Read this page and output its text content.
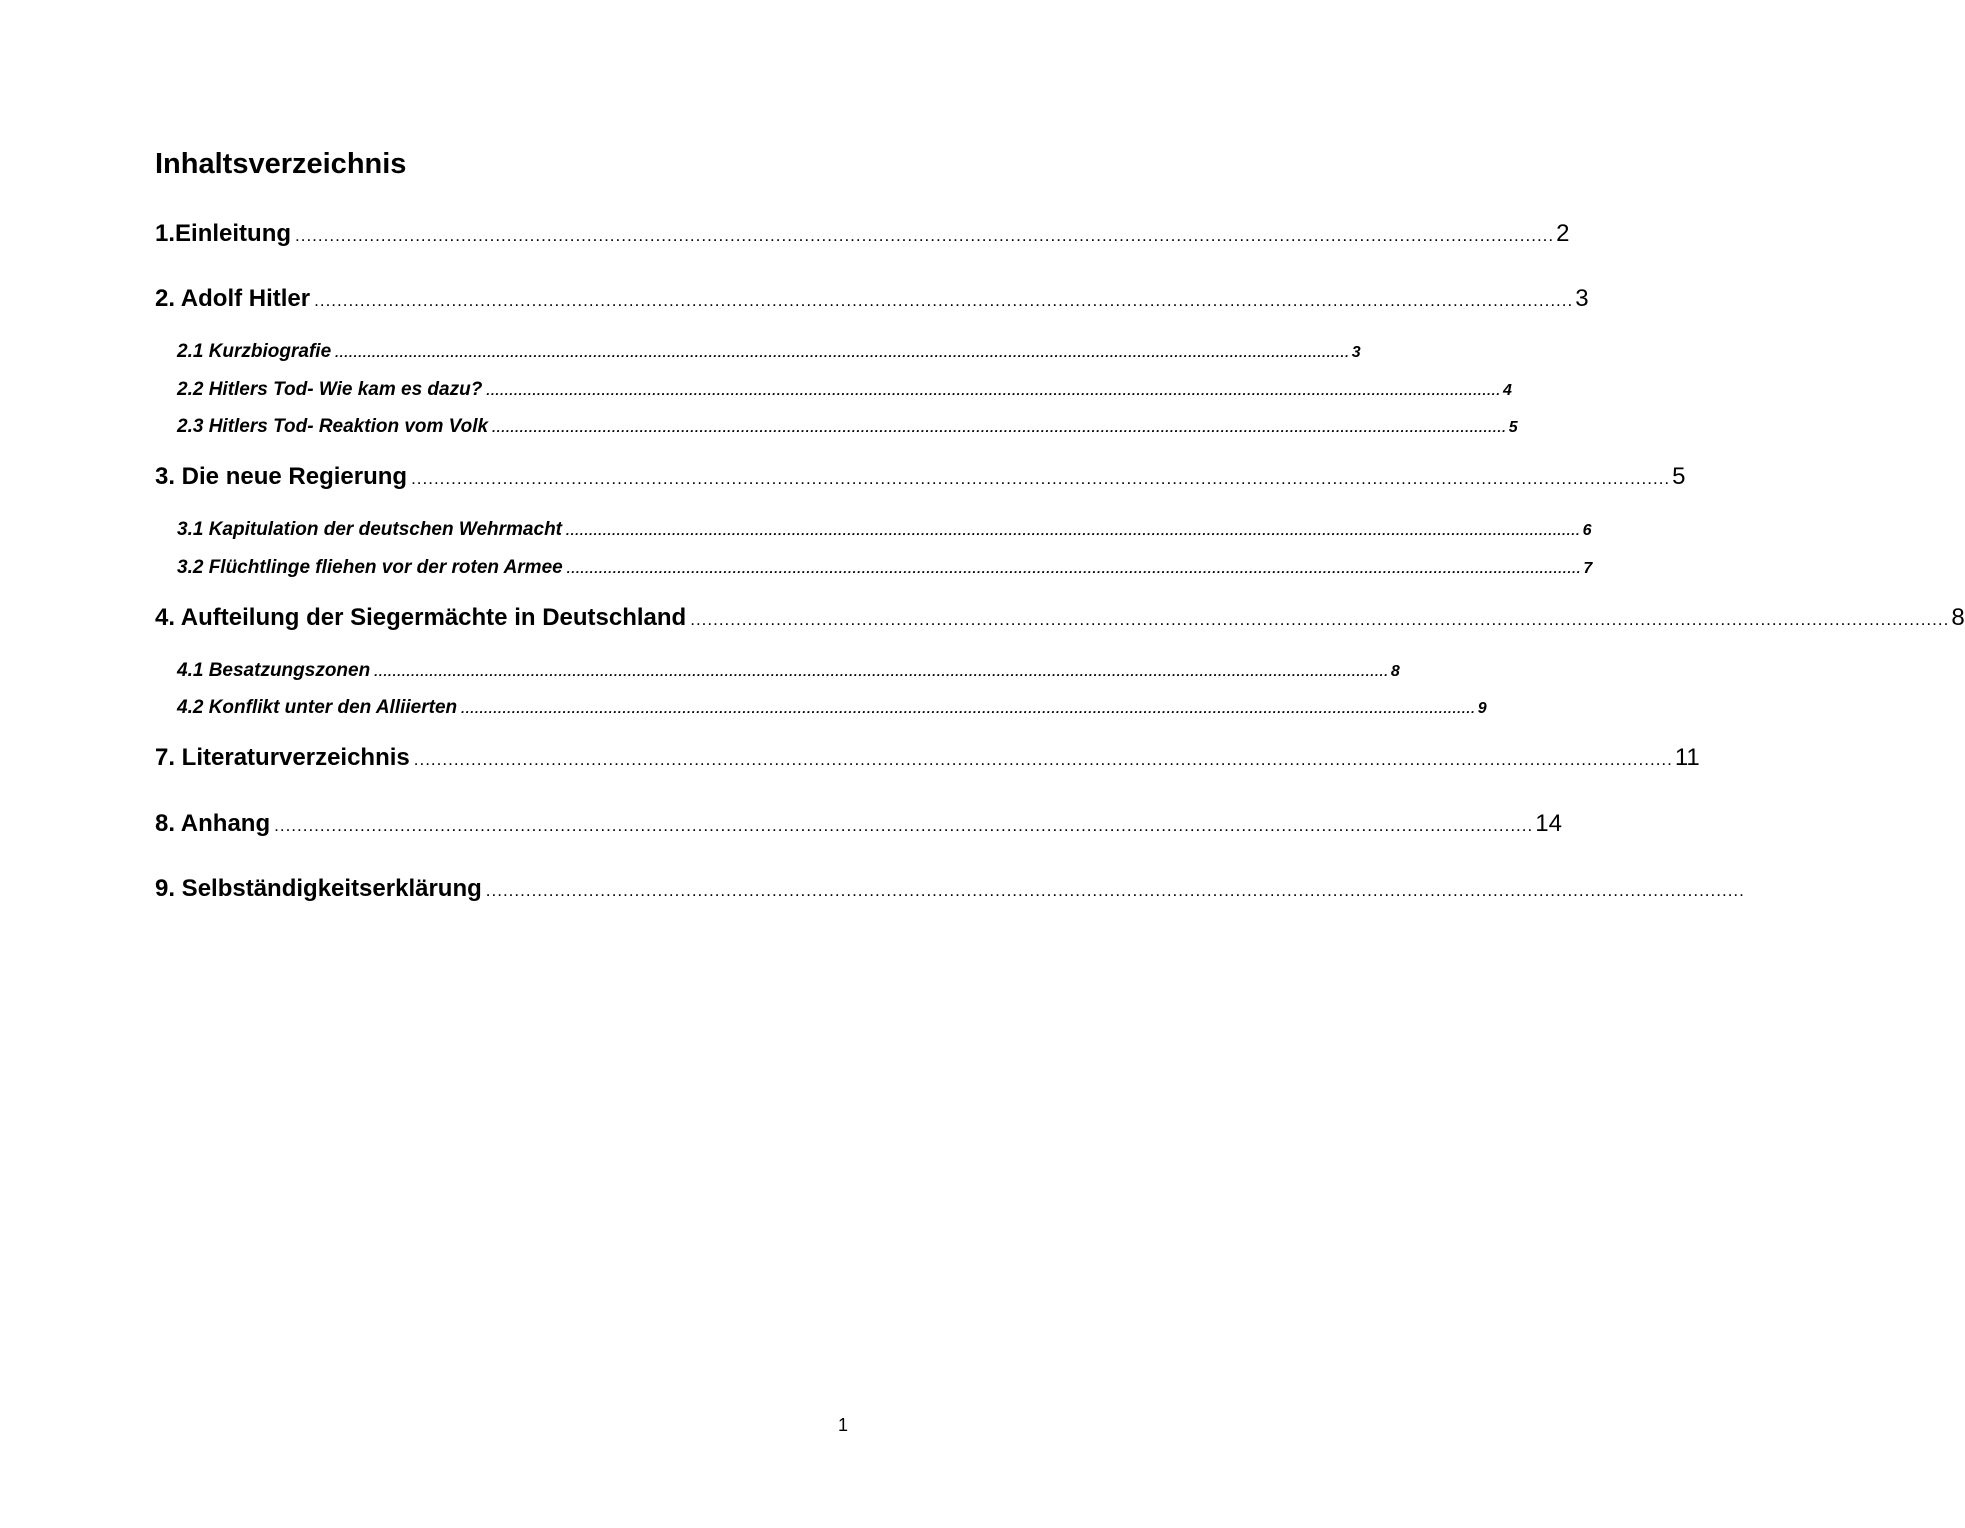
Inhaltsverzeichnis
1.Einleitung ............................................................................................................................................................................................................................ 2
2. Adolf Hitler ............................................................................................................................................................................................................................ 3
2.1 Kurzbiografie ............................................................................................................................................................................................................................ 3
2.2 Hitlers Tod- Wie kam es dazu? ............................................................................................................................................................................................................................ 4
2.3 Hitlers Tod- Reaktion vom Volk ............................................................................................................................................................................................................................ 5
3. Die neue Regierung ............................................................................................................................................................................................................................ 5
3.1 Kapitulation der deutschen Wehrmacht ............................................................................................................................................................................................................................ 6
3.2 Flüchtlinge fliehen vor der roten Armee ............................................................................................................................................................................................................................ 7
4. Aufteilung der Siegermächte in Deutschland ............................................................................................................................................................................................................................ 8
4.1 Besatzungszonen ............................................................................................................................................................................................................................ 8
4.2 Konflikt unter den Alliierten ............................................................................................................................................................................................................................ 9
7. Literaturverzeichnis ............................................................................................................................................................................................................................ 11
8. Anhang ............................................................................................................................................................................................................................ 14
9. Selbständigkeitserklärung ............................................................................................................................................................................................................................
1
